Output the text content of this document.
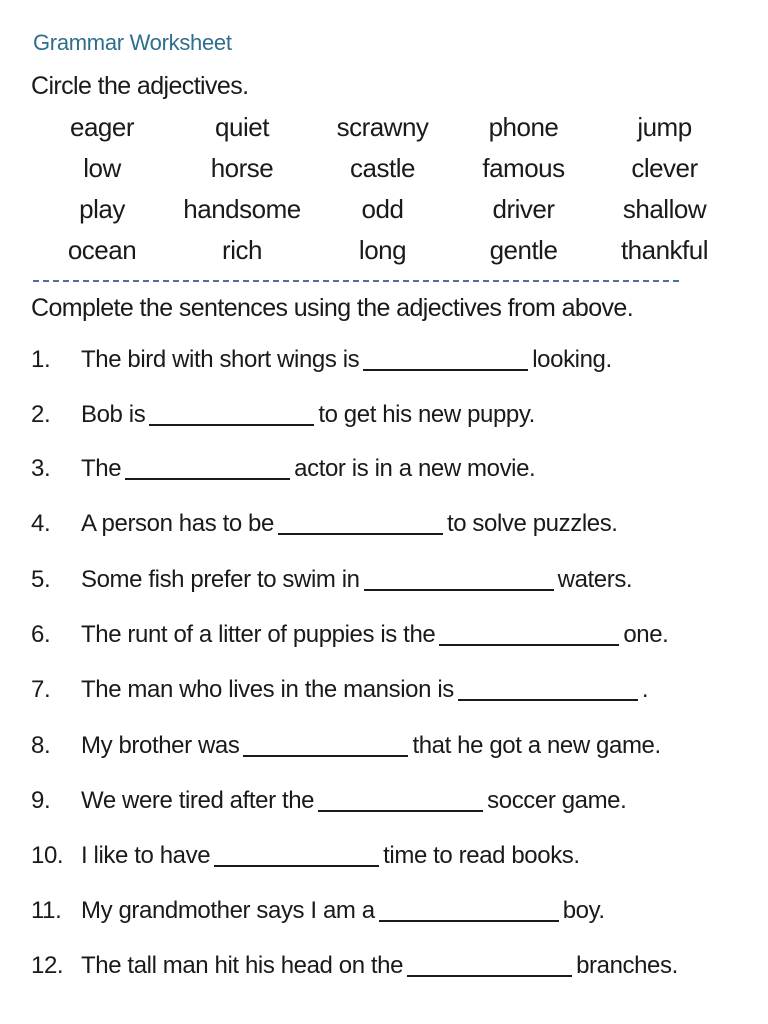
Grammar Worksheet
Circle the adjectives.
eager	quiet	scrawny	phone	jump
low	horse	castle	famous	clever
play	handsome	odd	driver	shallow
ocean	rich	long	gentle	thankful
Complete the sentences using the adjectives from above.
1. The bird with short wings is	looking.
2. Bob is	to get his new puppy.
3. The	actor is in a new movie.
4. A person has to be	to solve puzzles.
5. Some fish prefer to swim in	waters.
6. The runt of a litter of puppies is the	one.
7. The man who lives in the mansion is	.
8. My brother was	that he got a new game.
9. We were tired after the	soccer game.
10. I like to have	time to read books.
11. My grandmother says I am a	boy.
12. The tall man hit his head on the	branches.
